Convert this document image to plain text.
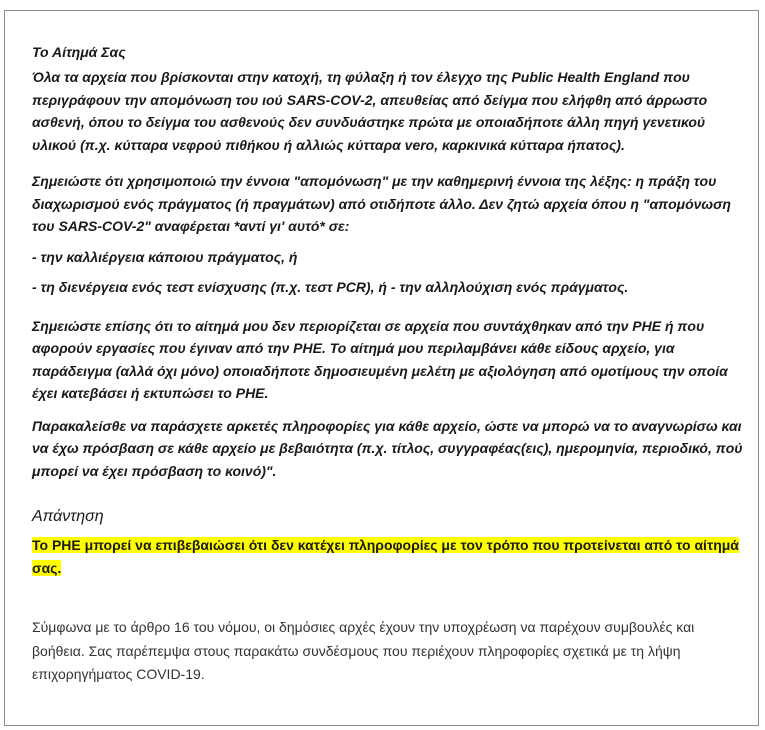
Το Αίτημά Σας

Όλα τα αρχεία που βρίσκονται στην κατοχή, τη φύλαξη ή τον έλεγχο της Public Health England που περιγράφουν την απομόνωση του ιού SARS-COV-2, απευθείας από δείγμα που ελήφθη από άρρωστο ασθενή, όπου το δείγμα του ασθενούς δεν συνδυάστηκε πρώτα με οποιαδήποτε άλλη πηγή γενετικού υλικού (π.χ. κύτταρα νεφρού πιθήκου ή αλλιώς κύτταρα vero, καρκινικά κύτταρα ήπατος).

Σημειώστε ότι χρησιμοποιώ την έννοια "απομόνωση" με την καθημερινή έννοια της λέξης: η πράξη του διαχωρισμού ενός πράγματος (ή πραγμάτων) από οτιδήποτε άλλο. Δεν ζητώ αρχεία όπου η "απομόνωση του SARS-COV-2" αναφέρεται *αντί γι' αυτό* σε:

- την καλλιέργεια κάποιου πράγματος, ή

- τη διενέργεια ενός τεστ ενίσχυσης (π.χ. τεστ PCR), ή - την αλληλούχιση ενός πράγματος.

Σημειώστε επίσης ότι το αίτημά μου δεν περιορίζεται σε αρχεία που συντάχθηκαν από την PHE ή που αφορούν εργασίες που έγιναν από την PHE. Το αίτημά μου περιλαμβάνει κάθε είδους αρχείο, για παράδειγμα (αλλά όχι μόνο) οποιαδήποτε δημοσιευμένη μελέτη με αξιολόγηση από ομοτίμους την οποία έχει κατεβάσει ή εκτυπώσει το PHE.

Παρακαλείσθε να παράσχετε αρκετές πληροφορίες για κάθε αρχείο, ώστε να μπορώ να το αναγνωρίσω και να έχω πρόσβαση σε κάθε αρχείο με βεβαιότητα (π.χ. τίτλος, συγγραφέας(εις), ημερομηνία, περιοδικό, πού μπορεί να έχει πρόσβαση το κοινό)".

Απάντηση

Το PHE μπορεί να επιβεβαιώσει ότι δεν κατέχει πληροφορίες με τον τρόπο που προτείνεται από το αίτημά σας.

Σύμφωνα με το άρθρο 16 του νόμου, οι δημόσιες αρχές έχουν την υποχρέωση να παρέχουν συμβουλές και βοήθεια. Σας παρέπεμψα στους παρακάτω συνδέσμους που περιέχουν πληροφορίες σχετικά με τη λήψη επιχορηγήματος COVID-19.
